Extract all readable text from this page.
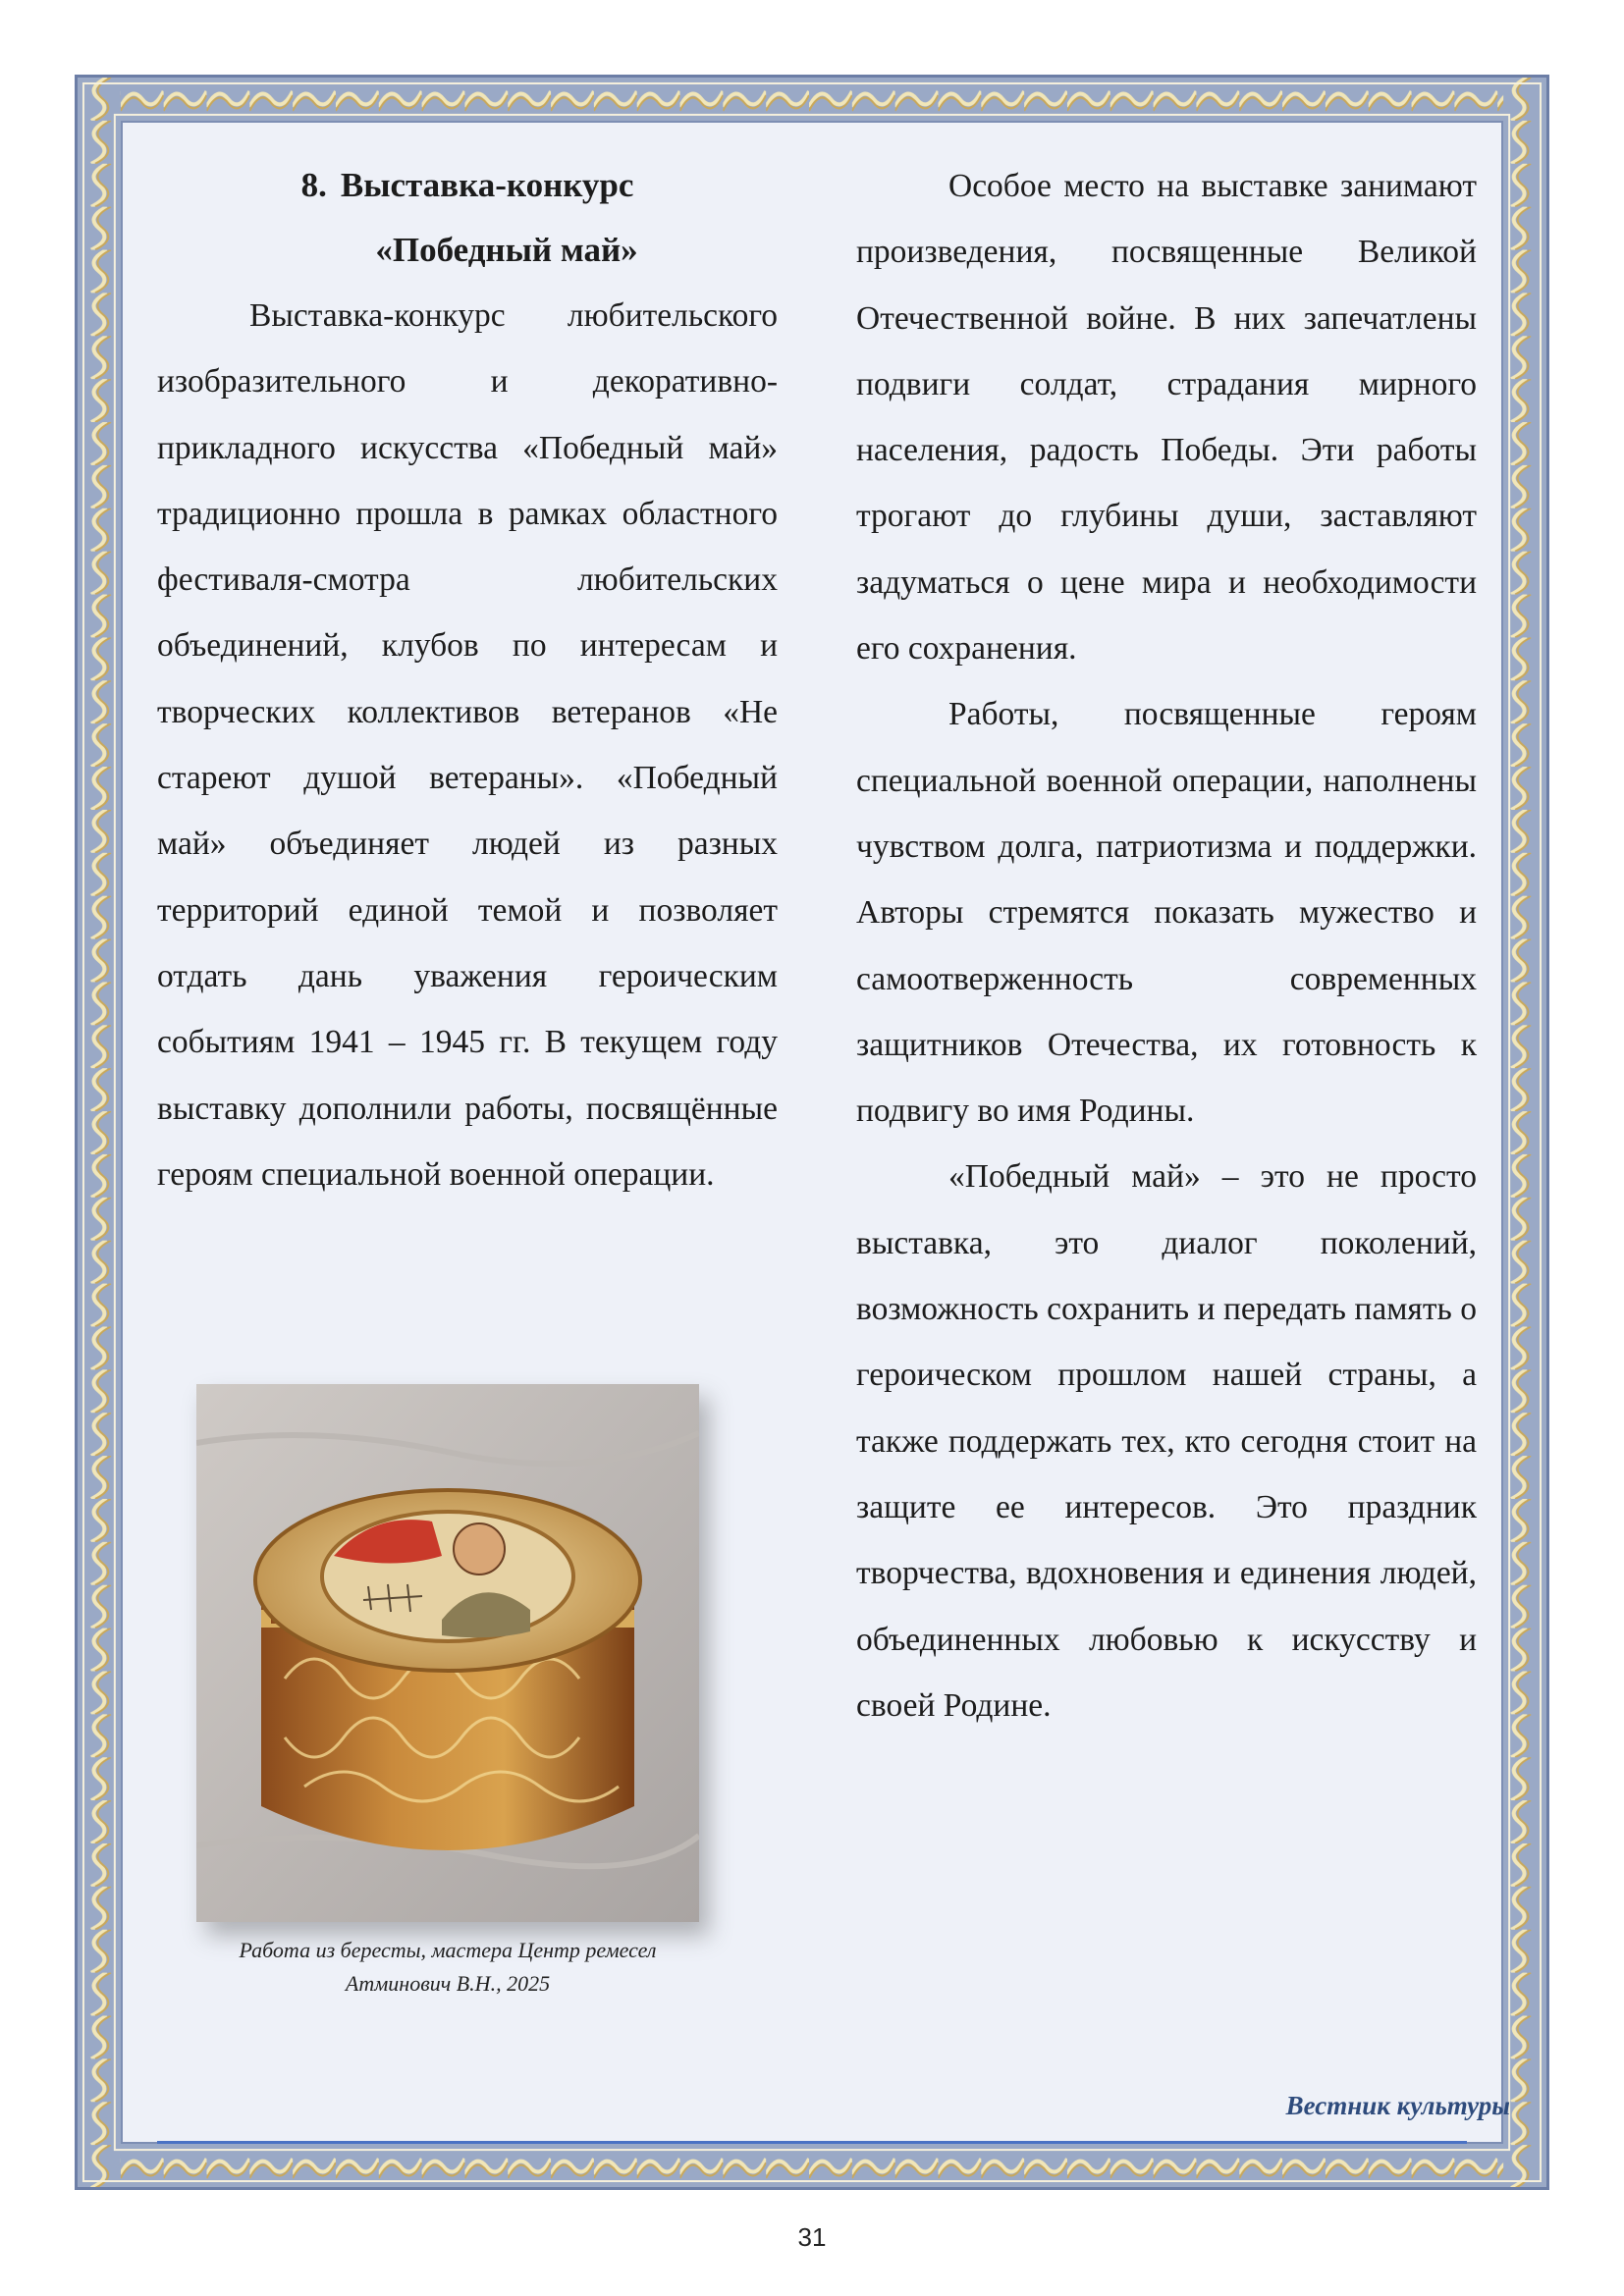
8. Выставка-конкурс
«Победный май»

Выставка-конкурс любительского изобразительного и декоративно-прикладного искусства «Победный май» традиционно прошла в рамках областного фестиваля-смотра любительских объединений, клубов по интересам и творческих коллективов ветеранов «Не стареют душой ветераны». «Победный май» объединяет людей из разных территорий единой темой и позволяет отдать дань уважения героическим событиям 1941 – 1945 гг. В текущем году выставку дополнили работы, посвящённые героям специальной военной операции.

Особое место на выставке занимают произведения, посвященные Великой Отечественной войне. В них запечатлены подвиги солдат, страдания мирного населения, радость Победы. Эти работы трогают до глубины души, заставляют задуматься о цене мира и необходимости его сохранения.

Работы, посвященные героям специальной военной операции, наполнены чувством долга, патриотизма и поддержки. Авторы стремятся показать мужество и самоотверженность современных защитников Отечества, их готовность к подвигу во имя Родины.

«Победный май» – это не просто выставка, это диалог поколений, возможность сохранить и передать память о героическом прошлом нашей страны, а также поддержать тех, кто сегодня стоит на защите ее интересов. Это праздник творчества, вдохновения и единения людей, объединенных любовью к искусству и своей Родине.

Работа из бересты, мастера Центр ремесел
Атминович В.Н., 2025
Вестник культуры
31
